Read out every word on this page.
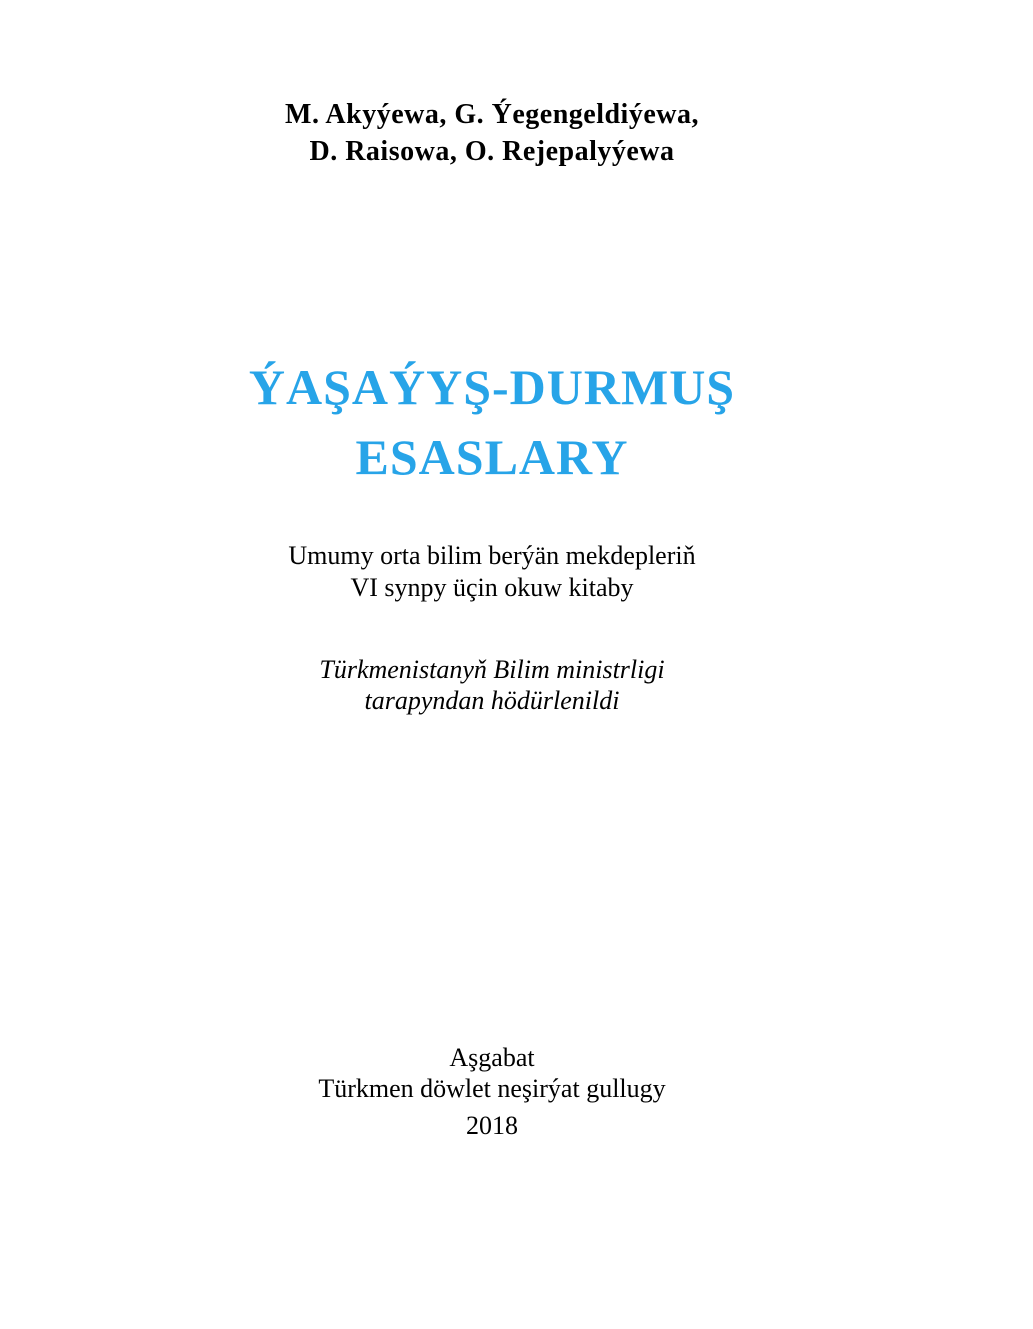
M. Akyýewa, G. Ýegengeldiýewa,
D. Raisowa, O. Rejepalyýewa
ÝAŞAÝYŞ-DURMUŞ
ESASLARY
Umumy orta bilim berýän mekdepleriň
VI synpy üçin okuw kitaby
Türkmenistanyň Bilim ministrligi
tarapyndan hödürlenildi
Aşgabat
Türkmen döwlet neşirýat gullugy
2018
